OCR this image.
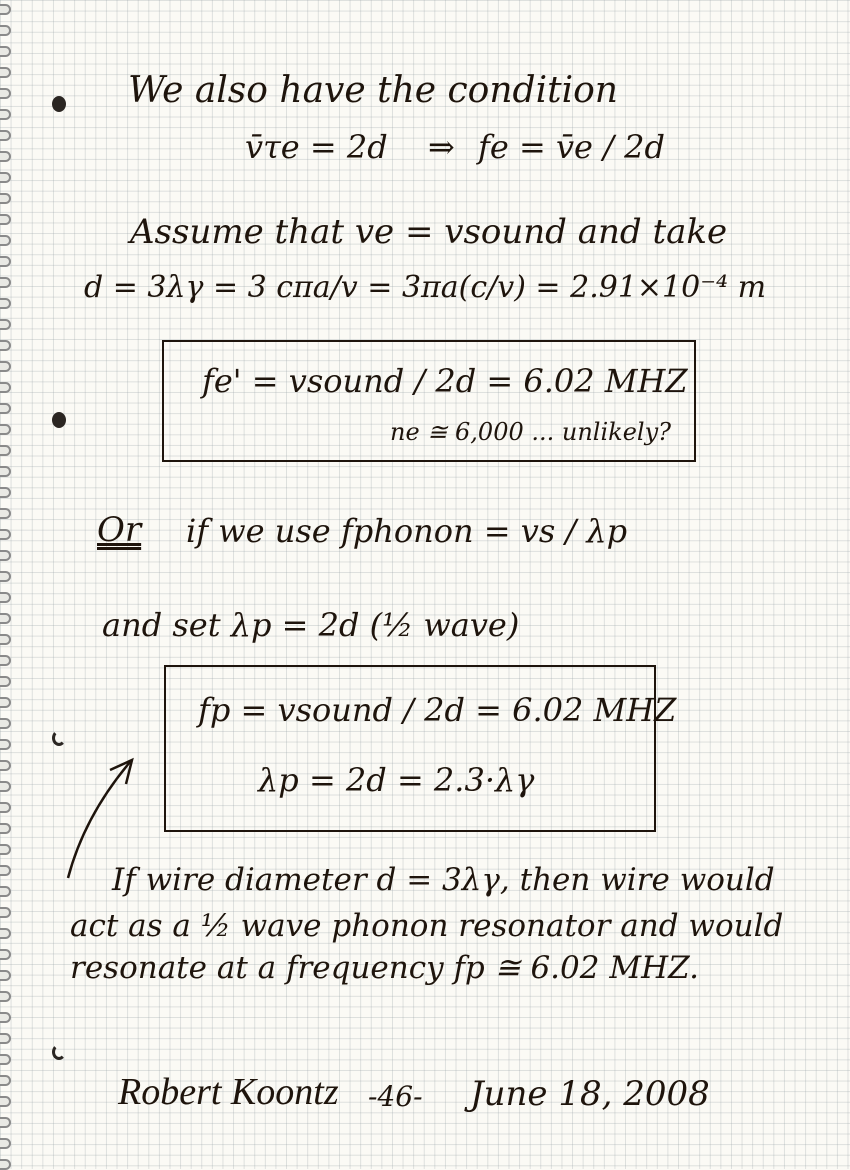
We also have the condition
v̄τe = 2d ⇒ fe = v̄e / 2d
Assume that ve = vsound and take
d = 3λγ = 3 cπa/v = 3πa(c/v) = 2.91×10⁻⁴ m
fe' = vsound / 2d = 6.02 MHZ
ne ≅ 6,000 ... unlikely?
Or if we use fphonon = vs / λp
and set λp = 2d (½ wave)
fp = vsound / 2d = 6.02 MHZ
λp = 2d = 2.3·λγ
If wire diameter d = 3λγ, then wire would
act as a ½ wave phonon resonator and would
resonate at a frequency fp ≅ 6.02 MHZ.
Robert Koontz -46- June 18, 2008
